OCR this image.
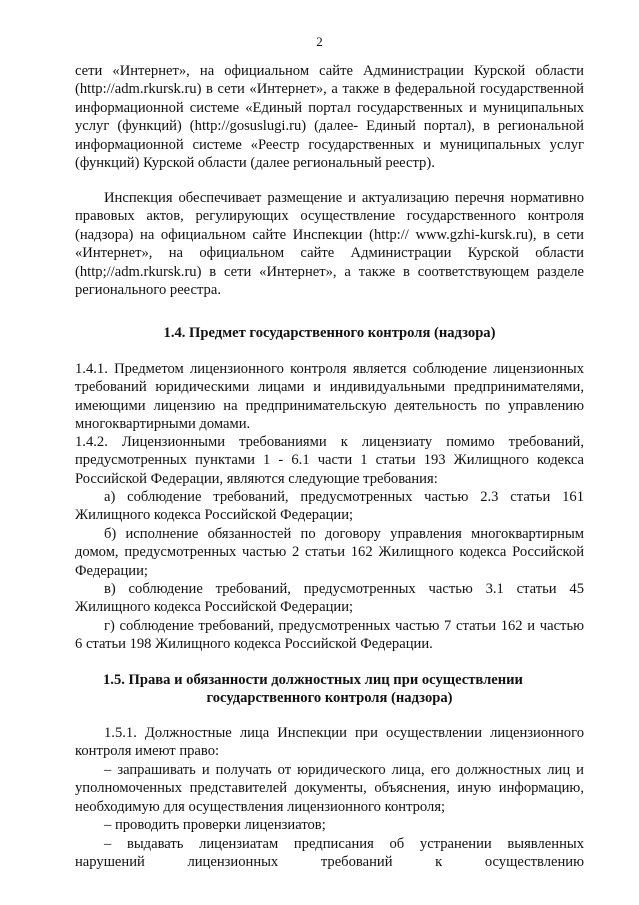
2

сети «Интернет», на официальном сайте Администрации Курской области (http://adm.rkursk.ru) в сети «Интернет», а также в федеральной государственной информационной системе «Единый портал государственных и муниципальных услуг (функций) (http://gosuslugi.ru) (далее- Единый портал), в региональной информационной системе «Реестр государственных и муниципальных услуг (функций) Курской области (далее региональный реестр).

Инспекция обеспечивает размещение и актуализацию перечня нормативно правовых актов, регулирующих осуществление государственного контроля (надзора) на официальном сайте Инспекции (http:// www.gzhi-kursk.ru), в сети «Интернет», на официальном сайте Администрации Курской области (http;//adm.rkursk.ru) в сети «Интернет», а также в соответствующем разделе регионального реестра.

1.4. Предмет государственного контроля (надзора)

1.4.1. Предметом лицензионного контроля является соблюдение лицензионных требований юридическими лицами и индивидуальными предпринимателями, имеющими лицензию на предпринимательскую деятельность по управлению многоквартирными домами.

1.4.2. Лицензионными требованиями к лицензиату помимо требований, предусмотренных пунктами 1 - 6.1 части 1 статьи 193 Жилищного кодекса Российской Федерации, являются следующие требования:

а) соблюдение требований, предусмотренных частью 2.3 статьи 161 Жилищного кодекса Российской Федерации;

б) исполнение обязанностей по договору управления многоквартирным домом, предусмотренных частью 2 статьи 162 Жилищного кодекса Российской Федерации;

в) соблюдение требований, предусмотренных частью 3.1 статьи 45 Жилищного кодекса Российской Федерации;

г) соблюдение требований, предусмотренных частью 7 статьи 162 и частью 6 статьи 198 Жилищного кодекса Российской Федерации.

1.5. Права и обязанности должностных лиц при осуществлении

государственного контроля (надзора)

1.5.1. Должностные лица Инспекции при осуществлении лицензионного контроля имеют право:

– запрашивать и получать от юридического лица, его должностных лиц и уполномоченных представителей документы, объяснения, иную информацию, необходимую для осуществления лицензионного контроля;

– проводить проверки лицензиатов;

– выдавать лицензиатам предписания об устранении выявленных нарушений лицензионных требований к осуществлению
